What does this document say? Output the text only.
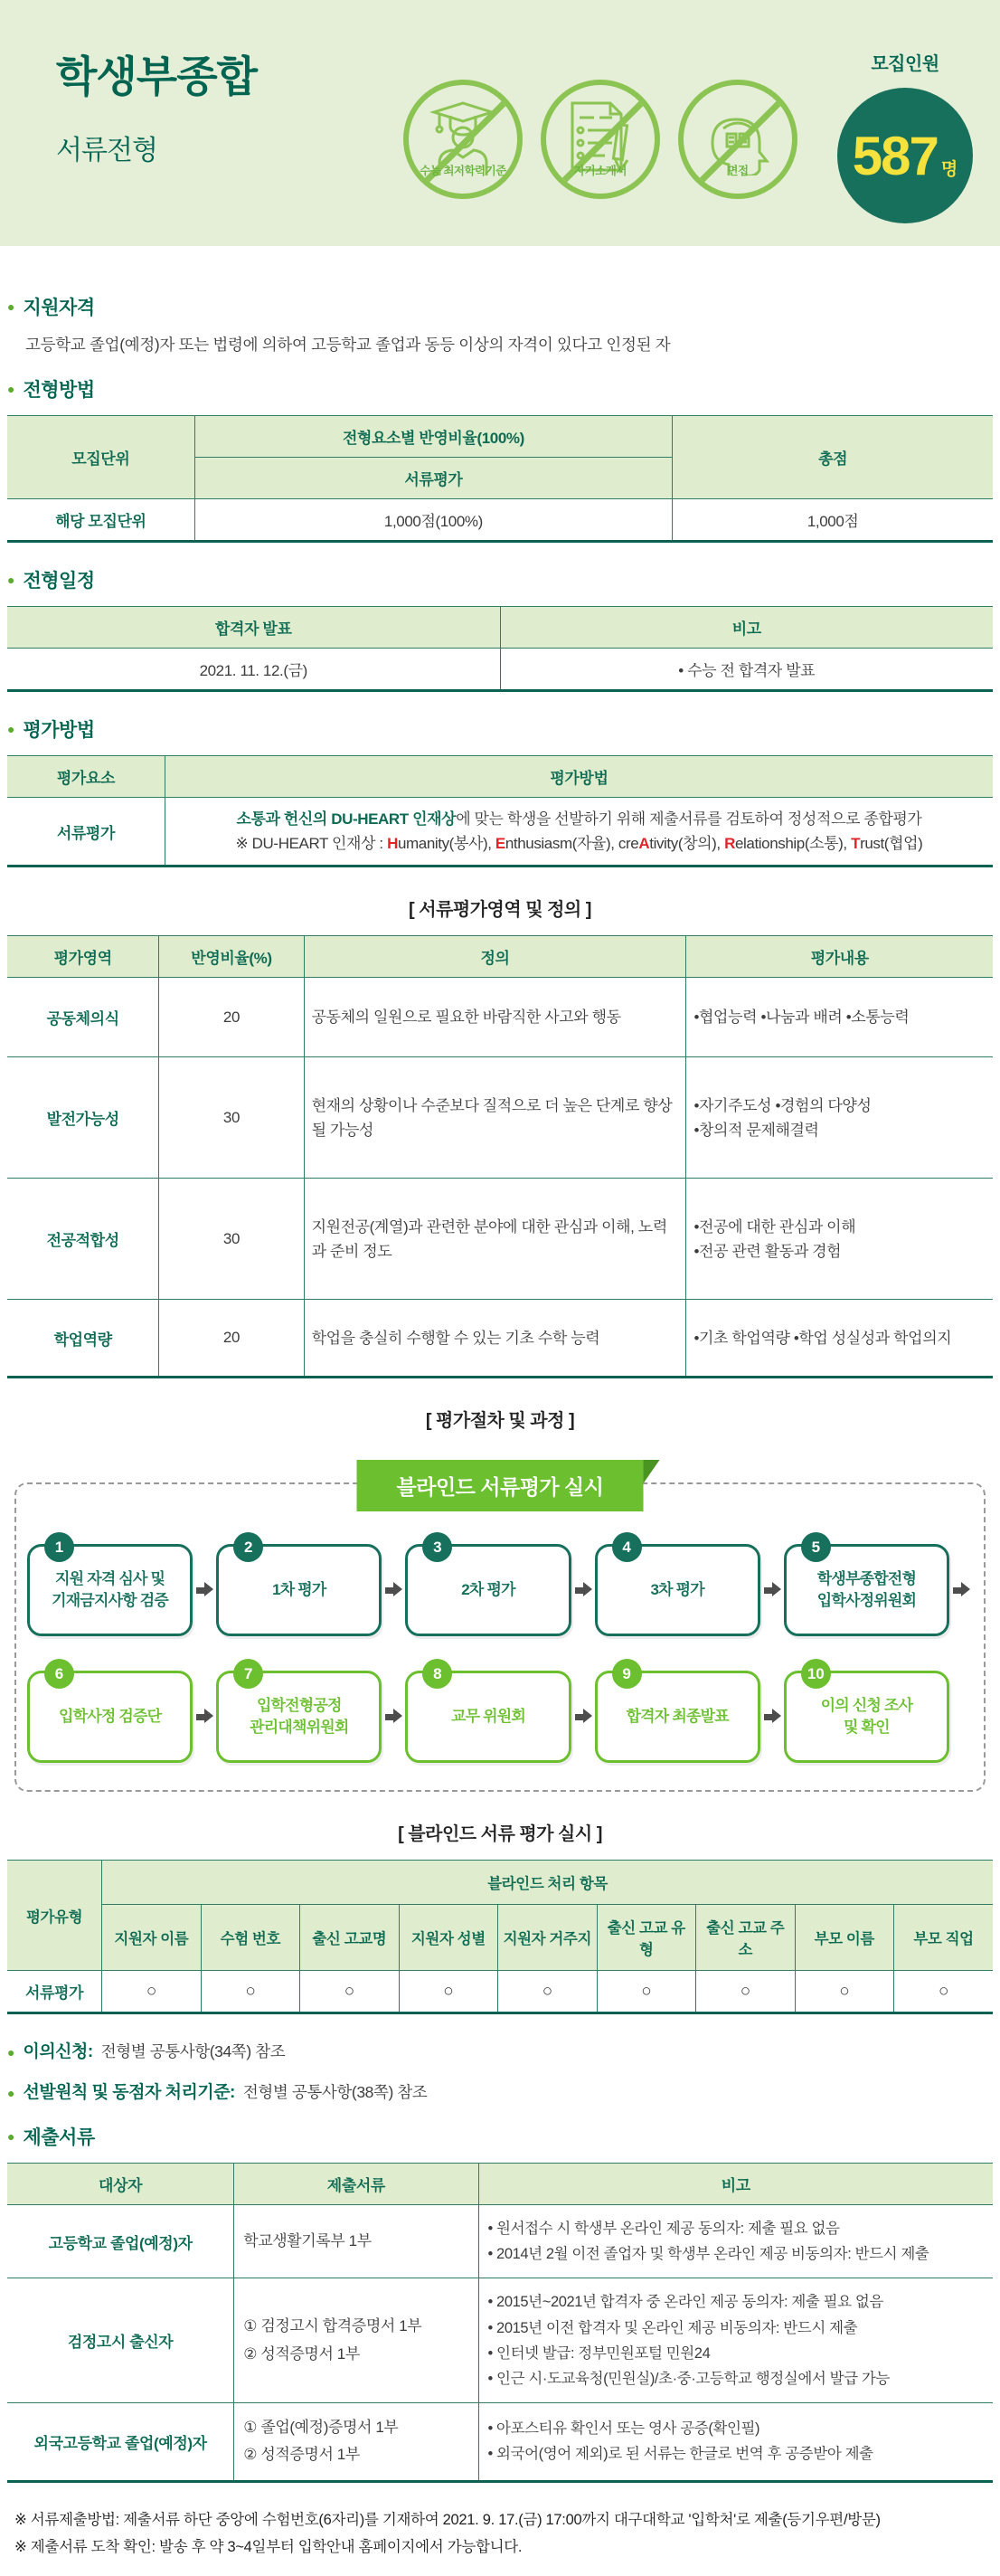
학생부종합
서류전형
수능 최저학력기준	자기소개서	면접
모집인원
587 명
● 지원자격

고등학교 졸업(예정)자 또는 법령에 의하여 고등학교 졸업과 동등 이상의 자격이 있다고 인정된 자

● 전형방법
모집단위	전형요소별 반영비율(100%)	총점
	서류평가	
해당 모집단위	1,000점(100%)	1,000점
● 전형일정
합격자 발표	비고
2021. 11. 12.(금)	• 수능 전 합격자 발표
● 평가방법
평가요소	평가방법
서류평가	소통과 헌신의 DU-HEART 인재상에 맞는 학생을 선발하기 위해 제출서류를 검토하여 정성적으로 종합평가
※ DU-HEART 인재상 : Humanity(봉사), Enthusiasm(자율), creAtivity(창의), Relationship(소통), Trust(협업)
[ 서류평가영역 및 정의 ]
평가영역	반영비율(%)	정의	평가내용
공동체의식	20	공동체의 일원으로 필요한 바람직한 사고와 행동	•협업능력 •나눔과 배려 •소통능력
발전가능성	30	현재의 상황이나 수준보다 질적으로 더 높은 단계로 향상될 가능성	•자기주도성 •경험의 다양성
•창의적 문제해결력
전공적합성	30	지원전공(계열)과 관련한 분야에 대한 관심과 이해, 노력과 준비 정도	•전공에 대한 관심과 이해
•전공 관련 활동과 경험
학업역량	20	학업을 충실히 수행할 수 있는 기초 수학 능력	•기초 학업역량 •학업 성실성과 학업의지
[ 평가절차 및 과정 ]
블라인드 서류평가 실시
1

지원 자격 심사 및
기재금지사항 검증

2

1차 평가

3

2차 평가

4

3차 평가

5

학생부종합전형
입학사정위원회

6

입학사정 검증단

7

입학전형공정
관리대책위원회

8

교무 위원회

9

합격자 최종발표

10

이의 신청 조사
및 확인

[ 블라인드 서류 평가 실시 ]
평가유형	블라인드 처리 항목								
	지원자 이름	수험 번호	출신 고교명	지원자 성별	지원자 거주지	출신 고교 유형	출신 고교 주소	부모 이름	부모 직업
서류평가	○	○	○	○	○	○	○	○	○
● 이의신청: 전형별 공통사항(34쪽) 참조
● 선발원칙 및 동점자 처리기준: 전형별 공통사항(38쪽) 참조
● 제출서류
대상자	제출서류	비고
고등학교 졸업(예정)자	학교생활기록부 1부	• 원서접수 시 학생부 온라인 제공 동의자: 제출 필요 없음
• 2014년 2월 이전 졸업자 및 학생부 온라인 제공 비동의자: 반드시 제출
검정고시 출신자	① 검정고시 합격증명서 1부
② 성적증명서 1부	• 2015년~2021년 합격자 중 온라인 제공 동의자: 제출 필요 없음
• 2015년 이전 합격자 및 온라인 제공 비동의자: 반드시 제출
• 인터넷 발급: 정부민원포털 민원24
• 인근 시·도교육청(민원실)/초·중·고등학교 행정실에서 발급 가능
외국고등학교 졸업(예정)자	① 졸업(예정)증명서 1부
② 성적증명서 1부	• 아포스티유 확인서 또는 영사 공증(확인필)
• 외국어(영어 제외)로 된 서류는 한글로 번역 후 공증받아 제출
※ 서류제출방법: 제출서류 하단 중앙에 수험번호(6자리)를 기재하여 2021. 9. 17.(금) 17:00까지 대구대학교 '입학처'로 제출(등기우편/방문)
※ 제출서류 도착 확인: 발송 후 약 3~4일부터 입학안내 홈페이지에서 가능합니다.
